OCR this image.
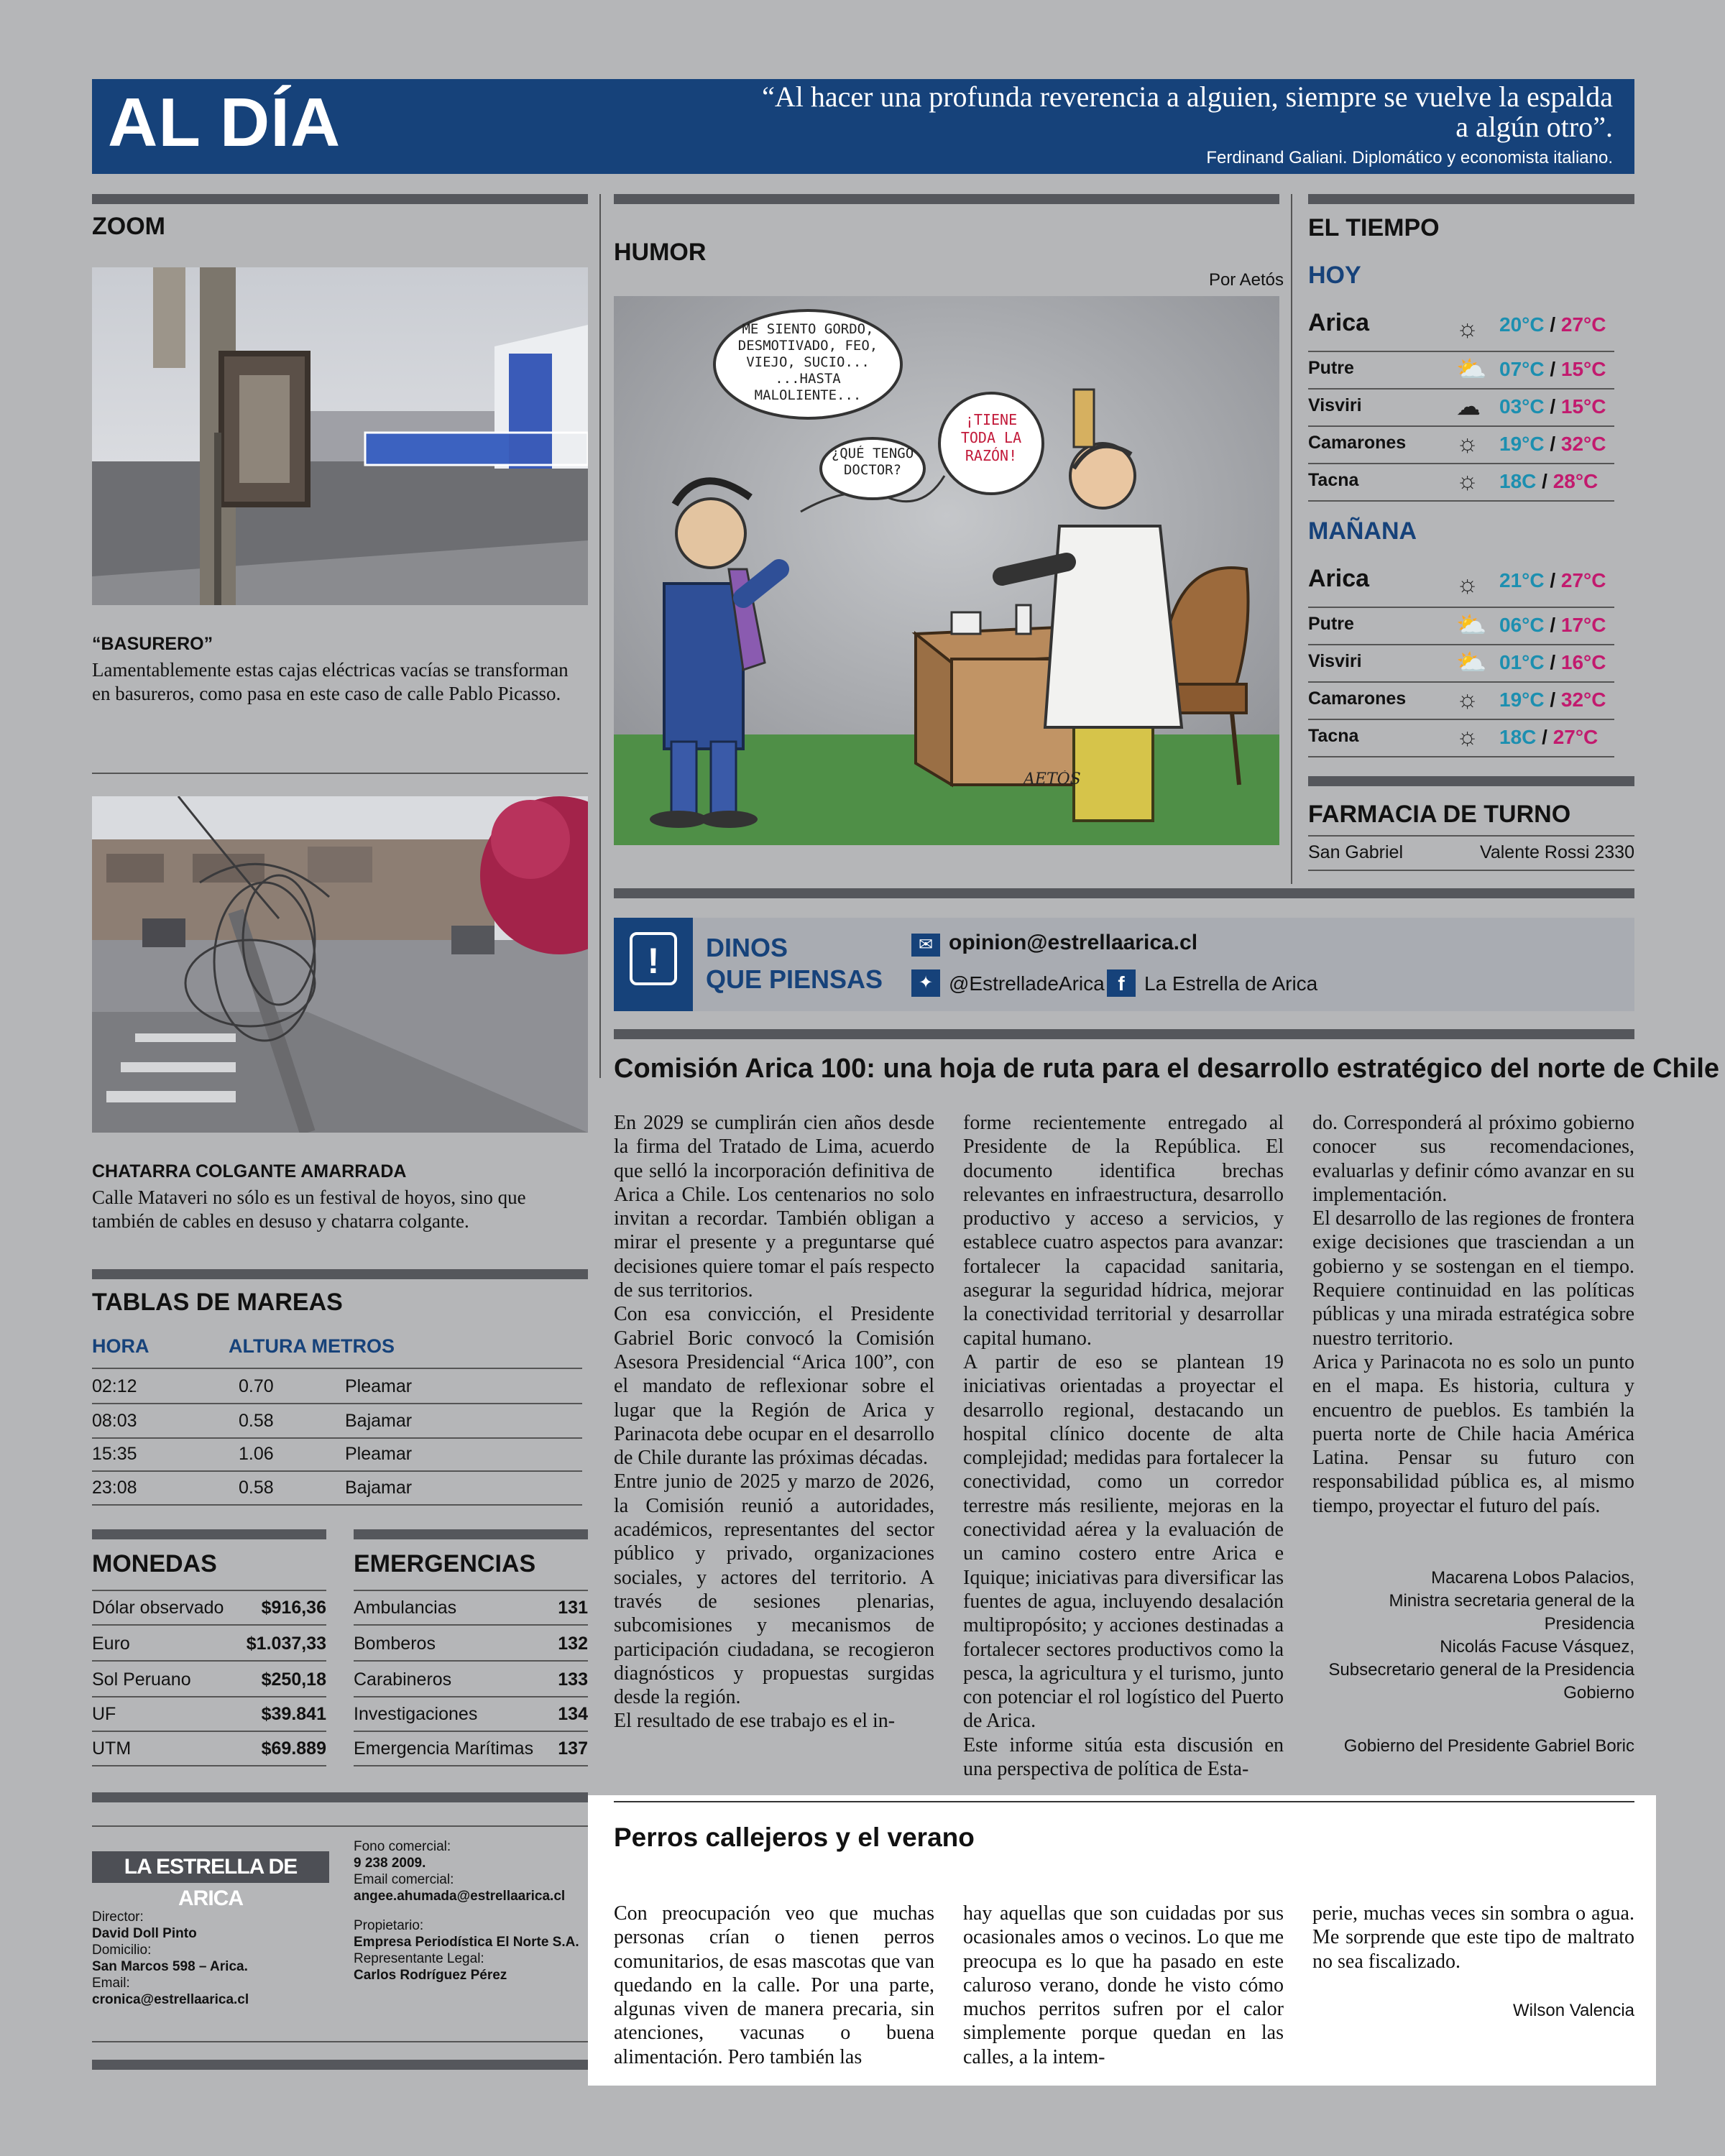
AL DÍA	“Al hacer una profunda reverencia a alguien, siempre se vuelve la espalda a algún otro”.
Ferdinand Galiani. Diplomático y economista italiano.
ZOOM
“BASURERO”
Lamentablemente estas cajas eléctricas vacías se transforman en basureros, como pasa en este caso de calle Pablo Picasso.
CHATARRA COLGANTE AMARRADA
Calle Mataveri no sólo es un festival de hoyos, sino que también de cables en desuso y chatarra colgante.
TABLAS DE MAREAS
HORA	ALTURA METROS
02:12	0.70	Pleamar
08:03	0.58	Bajamar
15:35	1.06	Pleamar
23:08	0.58	Bajamar
MONEDAS
Dólar observado $916,36
Euro	$1.037,33
Sol Peruano	$250,18
UF	$39.841
UTM	$69.889
EMERGENCIAS
Ambulancias	131
Bomberos	132
Carabineros	133
Investigaciones	134
Emergencia Marítimas 137
LA ESTRELLA DE ARICA
Director:
David Doll Pinto
Domicilio:
San Marcos 598 – Arica.
Email:
cronica@estrellaarica.cl
Fono comercial:
9 238 2009.
Email comercial:
angee.ahumada@estrellaarica.cl
Propietario:
Empresa Periodística El Norte S.A.
Representante Legal:
Carlos Rodríguez Pérez
HUMOR
Por Aetós
ME SIENTO GORDO, DESMOTIVADO, FEO, VIEJO, SUCIO... ...HASTA MALOLIENTE...
¿QUÉ TENGO DOCTOR?
¡TIENE TODA LA RAZÓN!
AETÓS
EL TIEMPO
HOY
Arica	☼ 20°C / 27°C
Putre	⛅ 07°C / 15°C
Visviri	☁ 03°C / 15°C
Camarones ☼ 19°C / 32°C
Tacna	☼ 18C / 28°C
MAÑANA
Arica	☼ 21°C / 27°C
Putre	⛅ 06°C / 17°C
Visviri	⛅ 01°C / 16°C
Camarones ☼ 19°C / 32°C
Tacna	☼ 18C / 27°C
FARMACIA DE TURNO
San Gabriel	Valente Rossi 2330
!	DINOS
QUE PIENSAS
✉ opinion@estrellaarica.cl
✦ @EstrelladeArica f La Estrella de Arica
Comisión Arica 100: una hoja de ruta para el desarrollo estratégico del norte de Chile

En 2029 se cumplirán cien años desde la firma del Tratado de Lima, acuerdo que selló la incorporación definitiva de Arica a Chile. Los centenarios no solo invitan a recordar. También obligan a mirar el presente y a preguntarse qué decisiones quiere tomar el país respecto de sus territorios.

Con esa convicción, el Presidente Gabriel Boric convocó la Comisión Asesora Presidencial “Arica 100”, con el mandato de reflexionar sobre el lugar que la Región de Arica y Parinacota debe ocupar en el desarrollo de Chile durante las próximas décadas.

Entre junio de 2025 y marzo de 2026, la Comisión reunió a autoridades, académicos, representantes del sector público y privado, organizaciones sociales, y actores del territorio. A través de sesiones plenarias, subcomisiones y mecanismos de participación ciudadana, se recogieron diagnósticos y propuestas surgidas desde la región.

El resultado de ese trabajo es el in-

forme recientemente entregado al Presidente de la República. El documento identifica brechas relevantes en infraestructura, desarrollo productivo y acceso a servicios, y establece cuatro aspectos para avanzar: fortalecer la capacidad sanitaria, asegurar la seguridad hídrica, mejorar la conectividad territorial y desarrollar capital humano.

A partir de eso se plantean 19 iniciativas orientadas a proyectar el desarrollo regional, destacando un hospital clínico docente de alta complejidad; medidas para fortalecer la conectividad, como un corredor terrestre más resiliente, mejoras en la conectividad aérea y la evaluación de un camino costero entre Arica e Iquique; iniciativas para diversificar las fuentes de agua, incluyendo desalación multipropósito; y acciones destinadas a fortalecer sectores productivos como la pesca, la agricultura y el turismo, junto con potenciar el rol logístico del Puerto de Arica.

Este informe sitúa esta discusión en una perspectiva de política de Esta-

do. Corresponderá al próximo gobierno conocer sus recomendaciones, evaluarlas y definir cómo avanzar en su implementación.

El desarrollo de las regiones de frontera exige decisiones que trasciendan a un gobierno y se sostengan en el tiempo. Requiere continuidad en las políticas públicas y una mirada estratégica sobre nuestro territorio.

Arica y Parinacota no es solo un punto en el mapa. Es historia, cultura y encuentro de pueblos. Es también la puerta norte de Chile hacia América Latina. Pensar su futuro con responsabilidad pública es, al mismo tiempo, proyectar el futuro del país.

Macarena Lobos Palacios,
Ministra secretaria general de la
Presidencia
Nicolás Facuse Vásquez,
Subsecretario general de la Presidencia
Gobierno
Gobierno del Presidente Gabriel Boric
Perros callejeros y el verano
Con preocupación veo que muchas personas crían o tienen perros comunitarios, de esas mascotas que van quedando en la calle. Por una parte, algunas viven de manera precaria, sin atenciones, vacunas o buena alimentación. Pero también las
hay aquellas que son cuidadas por sus ocasionales amos o vecinos. Lo que me preocupa es lo que ha pasado en este caluroso verano, donde he visto cómo muchos perritos sufren por el calor simplemente porque quedan en las calles, a la intem-
perie, muchas veces sin sombra o agua. Me sorprende que este tipo de maltrato no sea fiscalizado.
Wilson Valencia
